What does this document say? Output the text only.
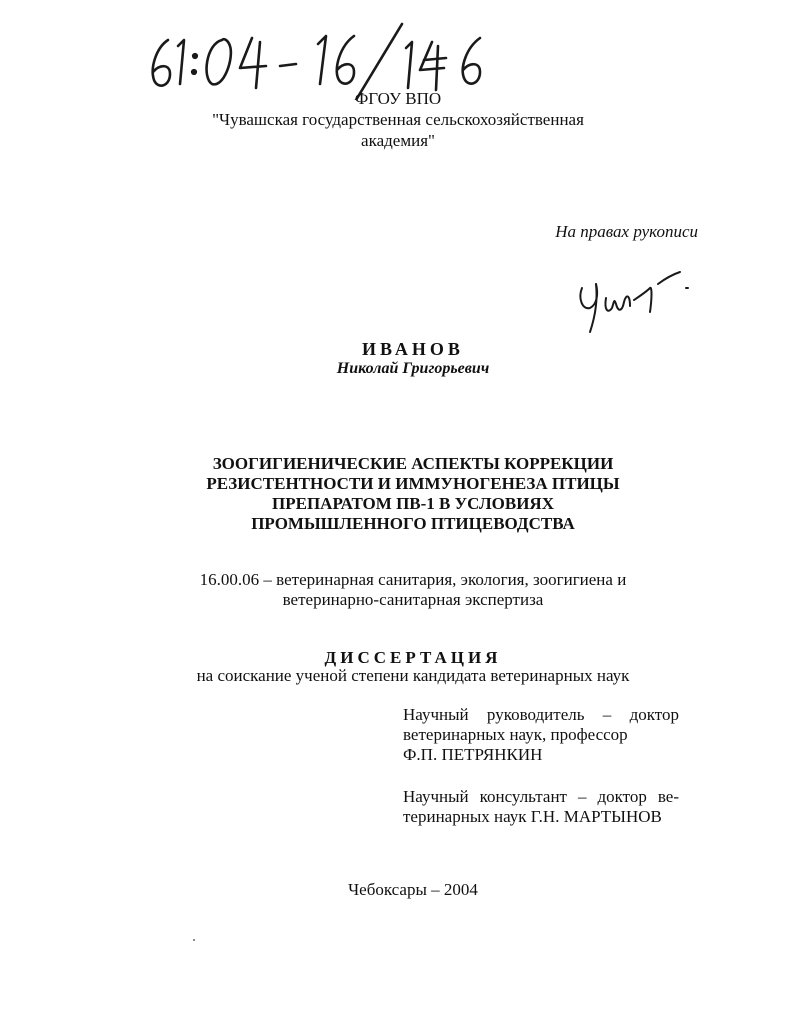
ФГОУ ВПО
"Чувашская государственная сельскохозяйственная
академия"
На правах рукописи
ИВАНОВ
Николай Григорьевич
ЗООГИГИЕНИЧЕСКИЕ АСПЕКТЫ КОРРЕКЦИИ
РЕЗИСТЕНТНОСТИ И ИММУНОГЕНЕЗА ПТИЦЫ
ПРЕПАРАТОМ ПВ-1 В УСЛОВИЯХ
ПРОМЫШЛЕННОГО ПТИЦЕВОДСТВА
16.00.06 – ветеринарная санитария, экология, зоогигиена и
ветеринарно-санитарная экспертиза
ДИССЕРТАЦИЯ
на соискание ученой степени кандидата ветеринарных наук
Научный руководитель – доктор
ветеринарных наук, профессор
Ф.П. ПЕТРЯНКИН
Научный консультант – доктор ве-
теринарных наук Г.Н. МАРТЫНОВ
Чебоксары – 2004
